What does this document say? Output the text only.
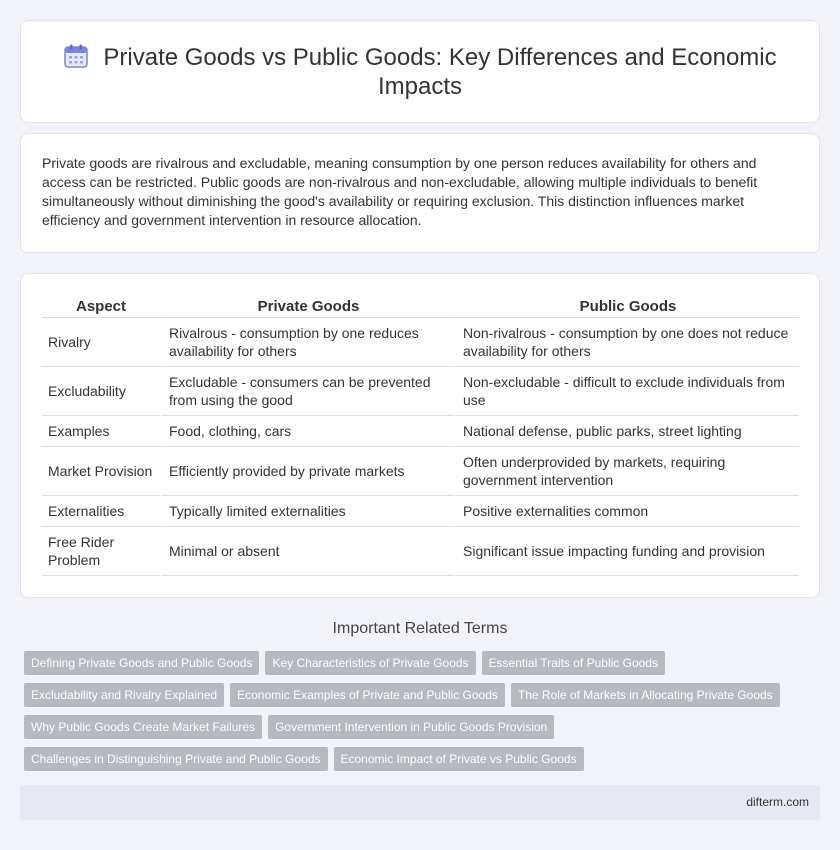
Private Goods vs Public Goods: Key Differences and Economic Impacts

Private goods are rivalrous and excludable, meaning consumption by one person reduces availability for others and access can be restricted. Public goods are non-rivalrous and non-excludable, allowing multiple individuals to benefit simultaneously without diminishing the good's availability or requiring exclusion. This distinction influences market efficiency and government intervention in resource allocation.

Aspect	Private Goods	Public Goods
Rivalry	Rivalrous - consumption by one reduces availability for others	Non-rivalrous - consumption by one does not reduce availability for others
Excludability	Excludable - consumers can be prevented from using the good	Non-excludable - difficult to exclude individuals from use
Examples	Food, clothing, cars	National defense, public parks, street lighting
Market Provision	Efficiently provided by private markets	Often underprovided by markets, requiring government intervention
Externalities	Typically limited externalities	Positive externalities common
Free Rider Problem	Minimal or absent	Significant issue impacting funding and provision
Important Related Terms
Defining Private Goods and Public Goods Key Characteristics of Private Goods Essential Traits of Public Goods
Excludability and Rivalry Explained Economic Examples of Private and Public Goods The Role of Markets in Allocating Private Goods
Why Public Goods Create Market Failures Government Intervention in Public Goods Provision
Challenges in Distinguishing Private and Public Goods Economic Impact of Private vs Public Goods
difterm.com
